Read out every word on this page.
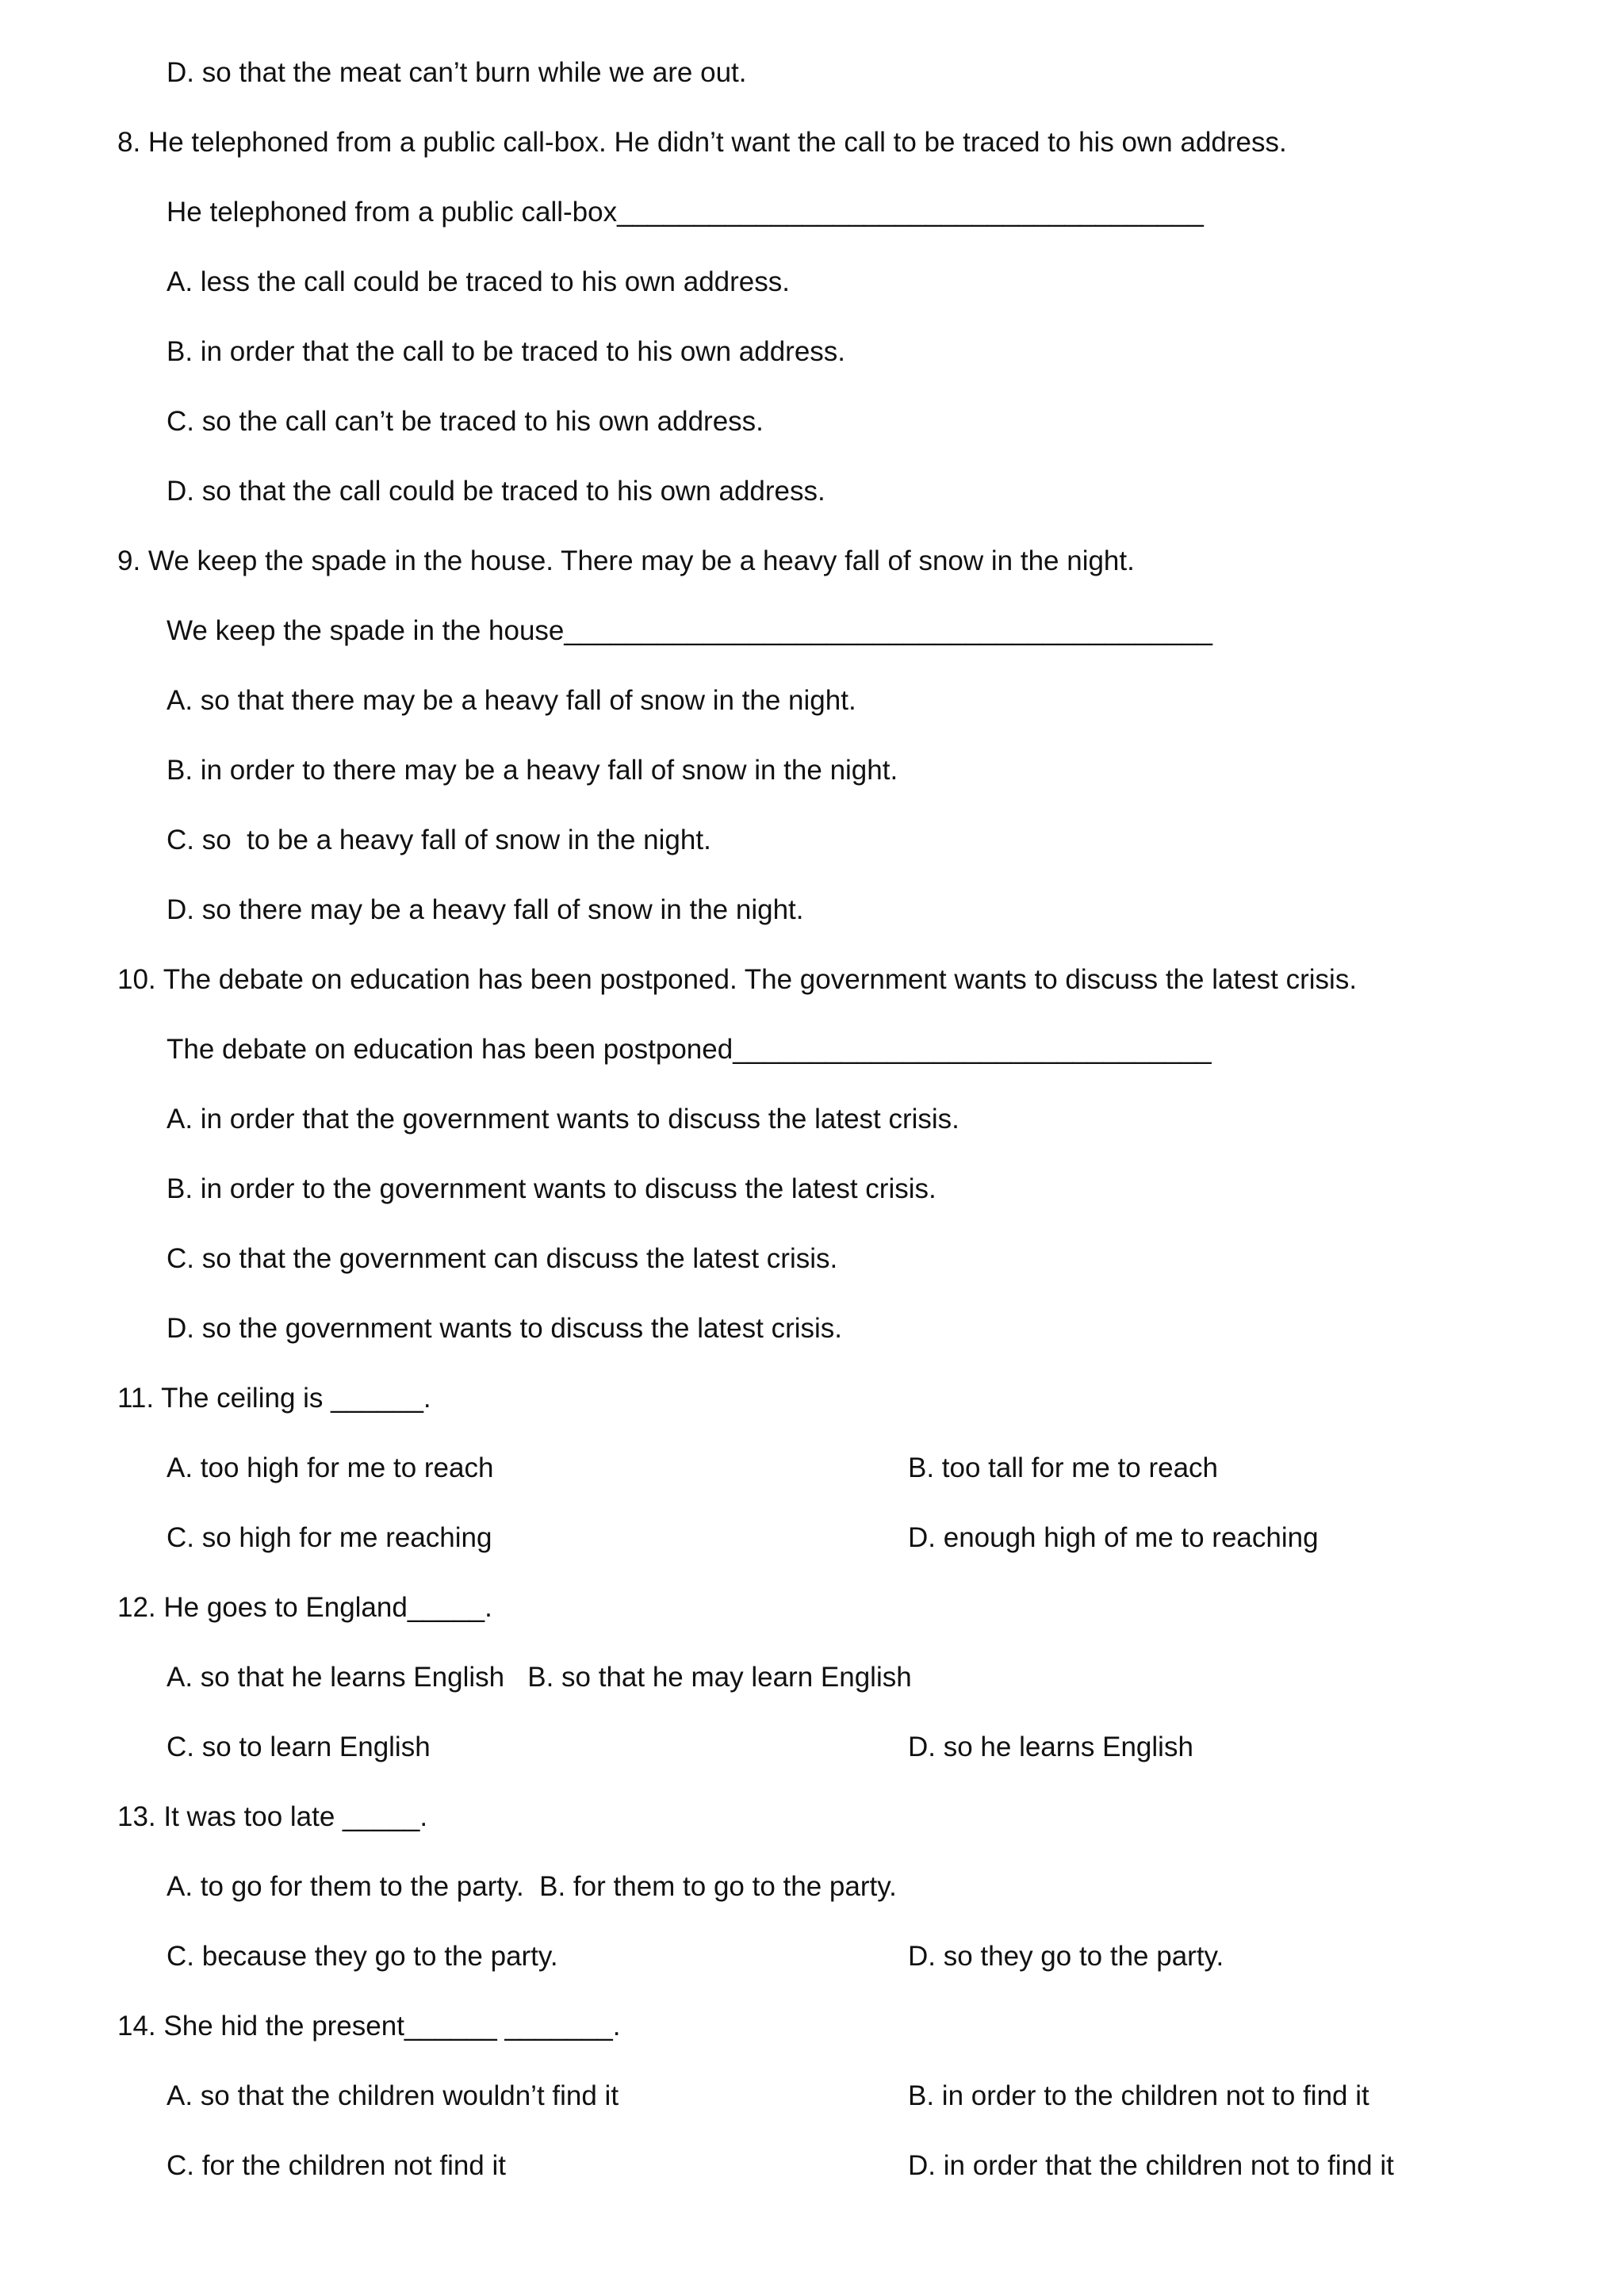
D. so that the meat can’t burn while we are out.
8. He telephoned from a public call-box. He didn’t want the call to be traced to his own address.
He telephoned from a public call-box______________________________________
A. less the call could be traced to his own address.
B. in order that the call to be traced to his own address.
C. so the call can’t be traced to his own address.
D. so that the call could be traced to his own address.
9. We keep the spade in the house. There may be a heavy fall of snow in the night.
We keep the spade in the house__________________________________________
A. so that there may be a heavy fall of snow in the night.
B. in order to there may be a heavy fall of snow in the night.
C. so  to be a heavy fall of snow in the night.
D. so there may be a heavy fall of snow in the night.
10. The debate on education has been postponed. The government wants to discuss the latest crisis.
The debate on education has been postponed_______________________________
A. in order that the government wants to discuss the latest crisis.
B. in order to the government wants to discuss the latest crisis.
C. so that the government can discuss the latest crisis.
D. so the government wants to discuss the latest crisis.
11. The ceiling is ______.
A. too high for me to reach	B. too tall for me to reach
C. so high for me reaching	D. enough high of me to reaching
12. He goes to England_____.
A. so that he learns English   B. so that he may learn English
C. so to learn English	D. so he learns English
13. It was too late _____.
A. to go for them to the party.  B. for them to go to the party.
C. because they go to the party.	D. so they go to the party.
14. She hid the present______ _______.
A. so that the children wouldn’t find it	B. in order to the children not to find it
C. for the children not find it	D. in order that the children not to find it
